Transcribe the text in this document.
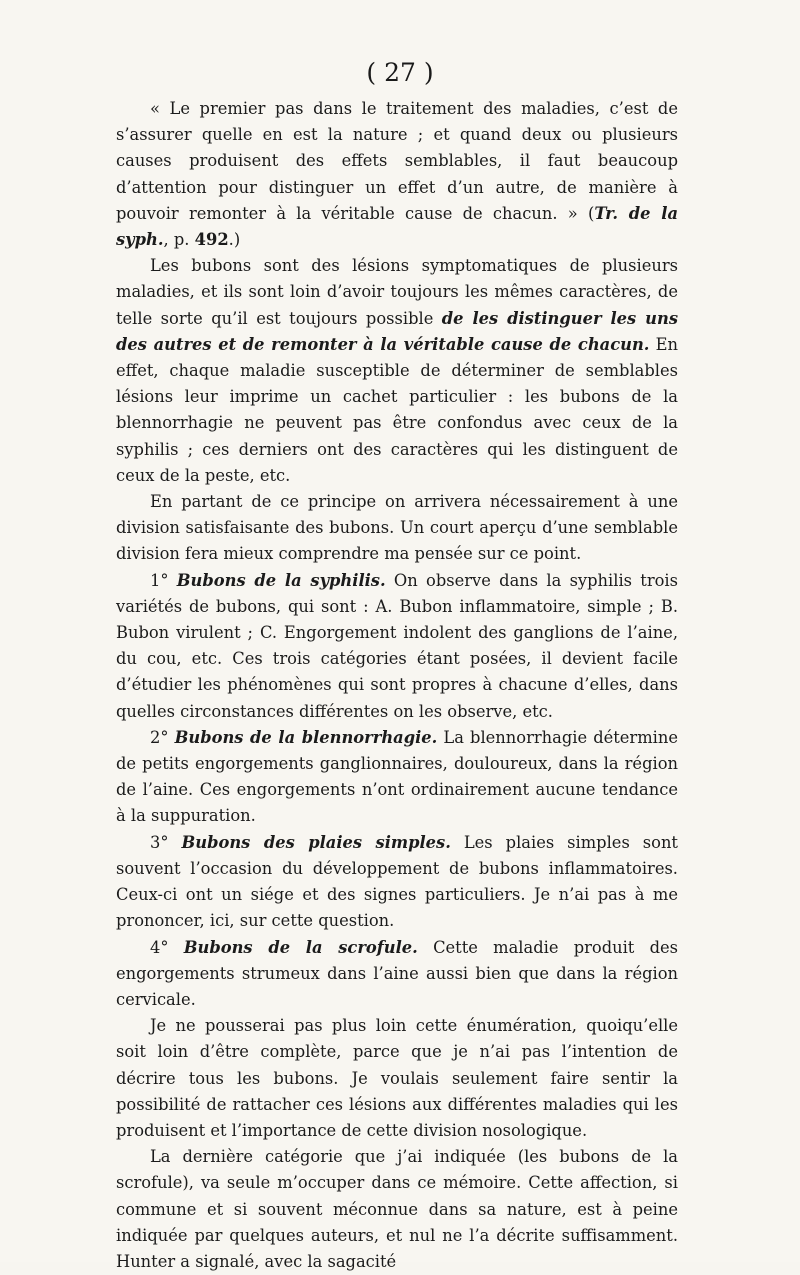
( 27 )

« Le premier pas dans le traitement des maladies, c’est de s’assurer quelle en est la nature ; et quand deux ou plusieurs causes produisent des effets semblables, il faut beaucoup d’attention pour distinguer un effet d’un autre, de manière à pouvoir remonter à la véritable cause de chacun. » (Tr. de la syph., p. 492.)

Les bubons sont des lésions symptomatiques de plusieurs maladies, et ils sont loin d’avoir toujours les mêmes caractères, de telle sorte qu’il est toujours possible de les distinguer les uns des autres et de remonter à la véritable cause de chacun. En effet, chaque maladie susceptible de déterminer de semblables lésions leur imprime un cachet particulier : les bubons de la blennorrhagie ne peuvent pas être confondus avec ceux de la syphilis ; ces derniers ont des caractères qui les distinguent de ceux de la peste, etc.

En partant de ce principe on arrivera nécessairement à une division satisfaisante des bubons. Un court aperçu d’une semblable division fera mieux comprendre ma pensée sur ce point.

1° Bubons de la syphilis. On observe dans la syphilis trois variétés de bubons, qui sont : A. Bubon inflammatoire, simple ; B. Bubon virulent ; C. Engorgement indolent des ganglions de l’aine, du cou, etc. Ces trois catégories étant posées, il devient facile d’étudier les phénomènes qui sont propres à chacune d’elles, dans quelles circonstances différentes on les observe, etc.

2° Bubons de la blennorrhagie. La blennorrhagie détermine de petits engorgements ganglionnaires, douloureux, dans la région de l’aine. Ces engorgements n’ont ordinairement aucune tendance à la suppuration.

3° Bubons des plaies simples. Les plaies simples sont souvent l’occasion du développement de bubons inflammatoires. Ceux-ci ont un siége et des signes particuliers. Je n’ai pas à me prononcer, ici, sur cette question.

4° Bubons de la scrofule. Cette maladie produit des engorgements strumeux dans l’aine aussi bien que dans la région cervicale.

Je ne pousserai pas plus loin cette énumération, quoiqu’elle soit loin d’être complète, parce que je n’ai pas l’intention de décrire tous les bubons. Je voulais seulement faire sentir la possibilité de rattacher ces lésions aux différentes maladies qui les produisent et l’importance de cette division nosologique.

La dernière catégorie que j’ai indiquée (les bubons de la scrofule), va seule m’occuper dans ce mémoire. Cette affection, si commune et si souvent méconnue dans sa nature, est à peine indiquée par quelques auteurs, et nul ne l’a décrite suffisamment. Hunter a signalé, avec la sagacité
